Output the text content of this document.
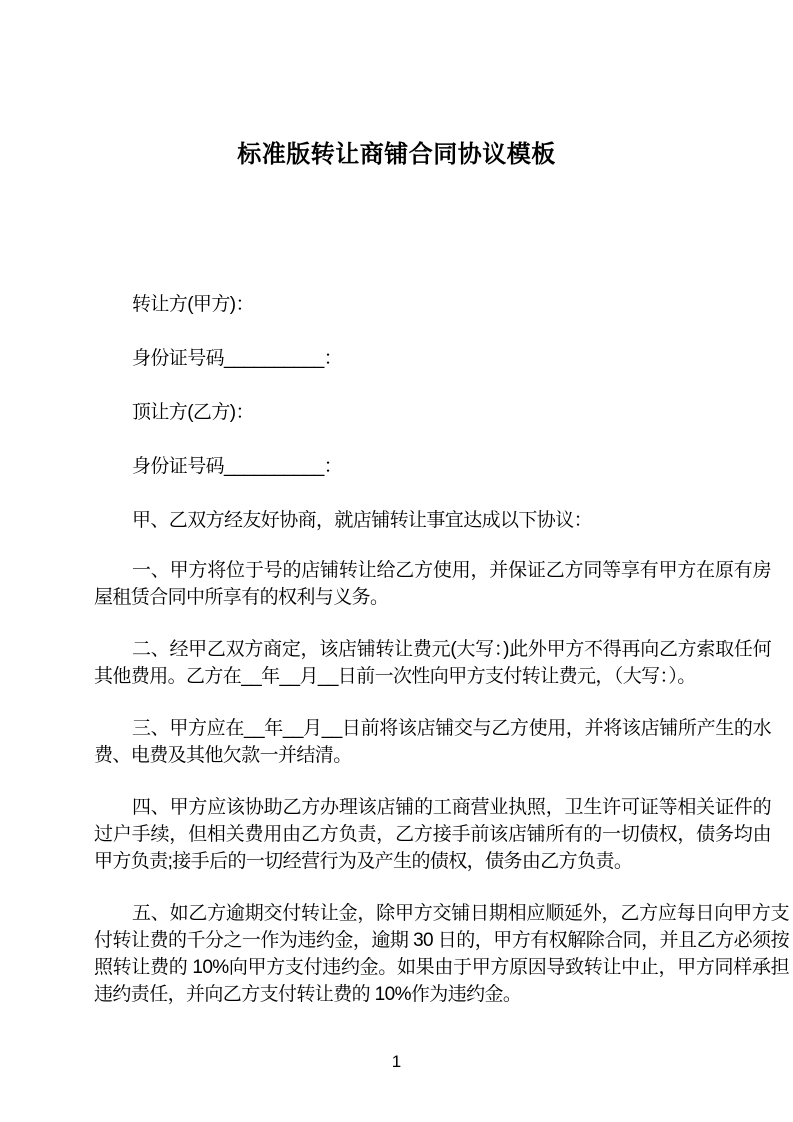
标准版转让商铺合同协议模板

转让方(甲方)：

身份证号码__________：

顶让方(乙方)：

身份证号码__________：

甲、乙双方经友好协商，就店铺转让事宜达成以下协议：

一、甲方将位于号的店铺转让给乙方使用，并保证乙方同等享有甲方在原有房屋租赁合同中所享有的权利与义务。

二、经甲乙双方商定，该店铺转让费元(大写：)此外甲方不得再向乙方索取任何其他费用。乙方在__年__月__日前一次性向甲方支付转让费元，（大写：）。

三、甲方应在__年__月__日前将该店铺交与乙方使用，并将该店铺所产生的水费、电费及其他欠款一并结清。

四、甲方应该协助乙方办理该店铺的工商营业执照，卫生许可证等相关证件的过户手续，但相关费用由乙方负责，乙方接手前该店铺所有的一切债权，债务均由甲方负责;接手后的一切经营行为及产生的债权，债务由乙方负责。

五、如乙方逾期交付转让金，除甲方交铺日期相应顺延外，乙方应每日向甲方支付转让费的千分之一作为违约金，逾期 30 日的，甲方有权解除合同，并且乙方必须按照转让费的 10%向甲方支付违约金。如果由于甲方原因导致转让中止，甲方同样承担违约责任，并向乙方支付转让费的 10%作为违约金。

1
